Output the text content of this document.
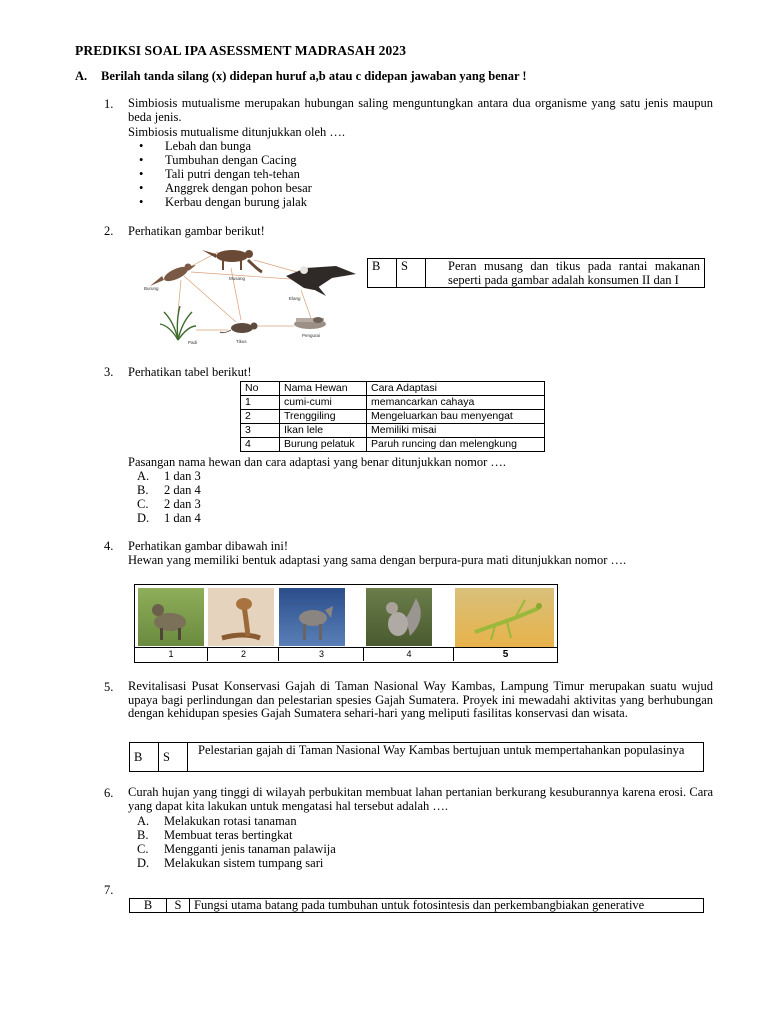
PREDIKSI SOAL IPA ASESSMENT MADRASAH 2023
A. Berilah tanda silang (x) didepan huruf a,b atau c didepan jawaban yang benar !
1.	Simbiosis mutualisme merupakan hubungan saling menguntungkan antara dua organisme yang satu jenis maupun beda jenis.
Simbiosis mutualisme ditunjukkan oleh ….
• Lebah dan bunga
• Tumbuhan dengan Cacing
• Tali putri dengan teh-tehan
• Anggrek dengan pohon besar
• Kerbau dengan burung jalak
2.	Perhatikan gambar berikut!
Burung
Musang
Elang
Padi	Tikus
Pengurai
B	S	Peran musang dan tikus pada rantai makanan seperti pada gambar adalah konsumen II dan I
3.	Perhatikan tabel berikut!
No	Nama Hewan	Cara Adaptasi
1	cumi-cumi	memancarkan cahaya
2	Trenggiling	Mengeluarkan bau menyengat
3	Ikan lele	Memiliki misai
4	Burung pelatuk	Paruh runcing dan melengkung
Pasangan nama hewan dan cara adaptasi yang benar ditunjukkan nomor ….
A. 1 dan 3
B. 2 dan 4
C. 2 dan 3
D. 1 dan 4
4.	Perhatikan gambar dibawah ini!
Hewan yang memiliki bentuk adaptasi yang sama dengan berpura-pura mati ditunjukkan nomor ….
1	2	3	4	5
5.	Revitalisasi Pusat Konservasi Gajah di Taman Nasional Way Kambas, Lampung Timur merupakan suatu wujud upaya bagi perlindungan dan pelestarian spesies Gajah Sumatera. Proyek ini mewadahi aktivitas yang berhubungan dengan kehidupan spesies Gajah Sumatera sehari-hari yang meliputi fasilitas konservasi dan wisata.
B	S	Pelestarian gajah di Taman Nasional Way Kambas bertujuan untuk mempertahankan populasinya
6.	Curah hujan yang tinggi di wilayah perbukitan membuat lahan pertanian berkurang kesuburannya karena erosi. Cara yang dapat kita lakukan untuk mengatasi hal tersebut adalah ….
A. Melakukan rotasi tanaman
B. Membuat teras bertingkat
C. Mengganti jenis tanaman palawija
D. Melakukan sistem tumpang sari
7.
B	S	Fungsi utama batang pada tumbuhan untuk fotosintesis dan perkembangbiakan generative
